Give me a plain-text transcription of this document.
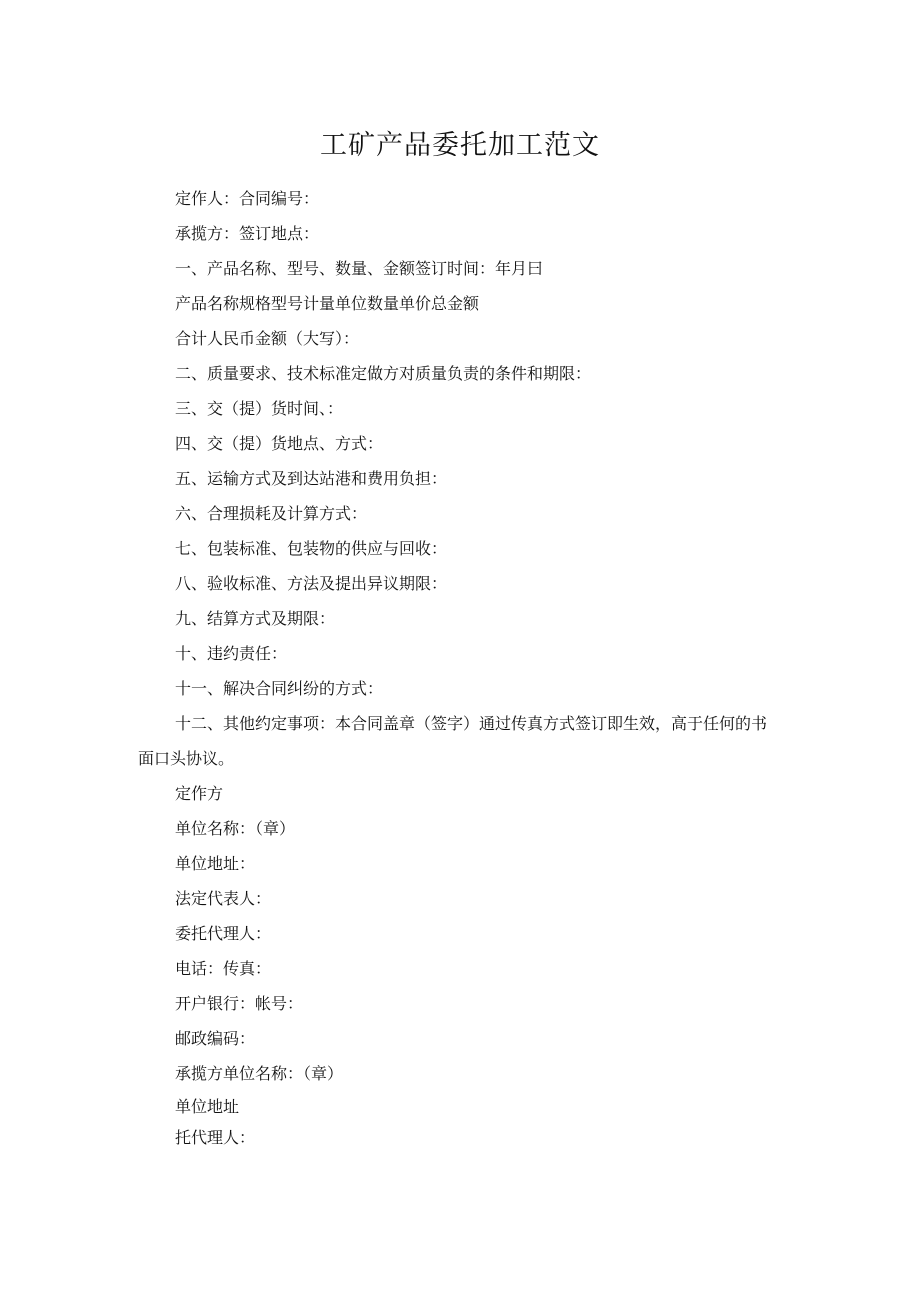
工矿产品委托加工范文

定作人：合同编号：

承揽方：签订地点：

一、产品名称、型号、数量、金额签订时间：年月曰

产品名称规格型号计量单位数量单价总金额

合计人民币金额（大写）：

二、质量要求、技术标准定做方对质量负责的条件和期限：

三、交（提）货时间、：

四、交（提）货地点、方式：

五、运输方式及到达站港和费用负担：

六、合理损耗及计算方式：

七、包装标准、包装物的供应与回收：

八、验收标准、方法及提出异议期限：

九、结算方式及期限：

十、违约责任：

十一、解决合同纠纷的方式：

十二、其他约定事项：本合同盖章（签字）通过传真方式签订即生效，高于任何的书面口头协议。

定作方

单位名称：（章）

单位地址：

法定代表人：

委托代理人：

电话：传真：

开户银行：帐号：

邮政编码：

承揽方单位名称：（章）

单位地址

托代理人：
